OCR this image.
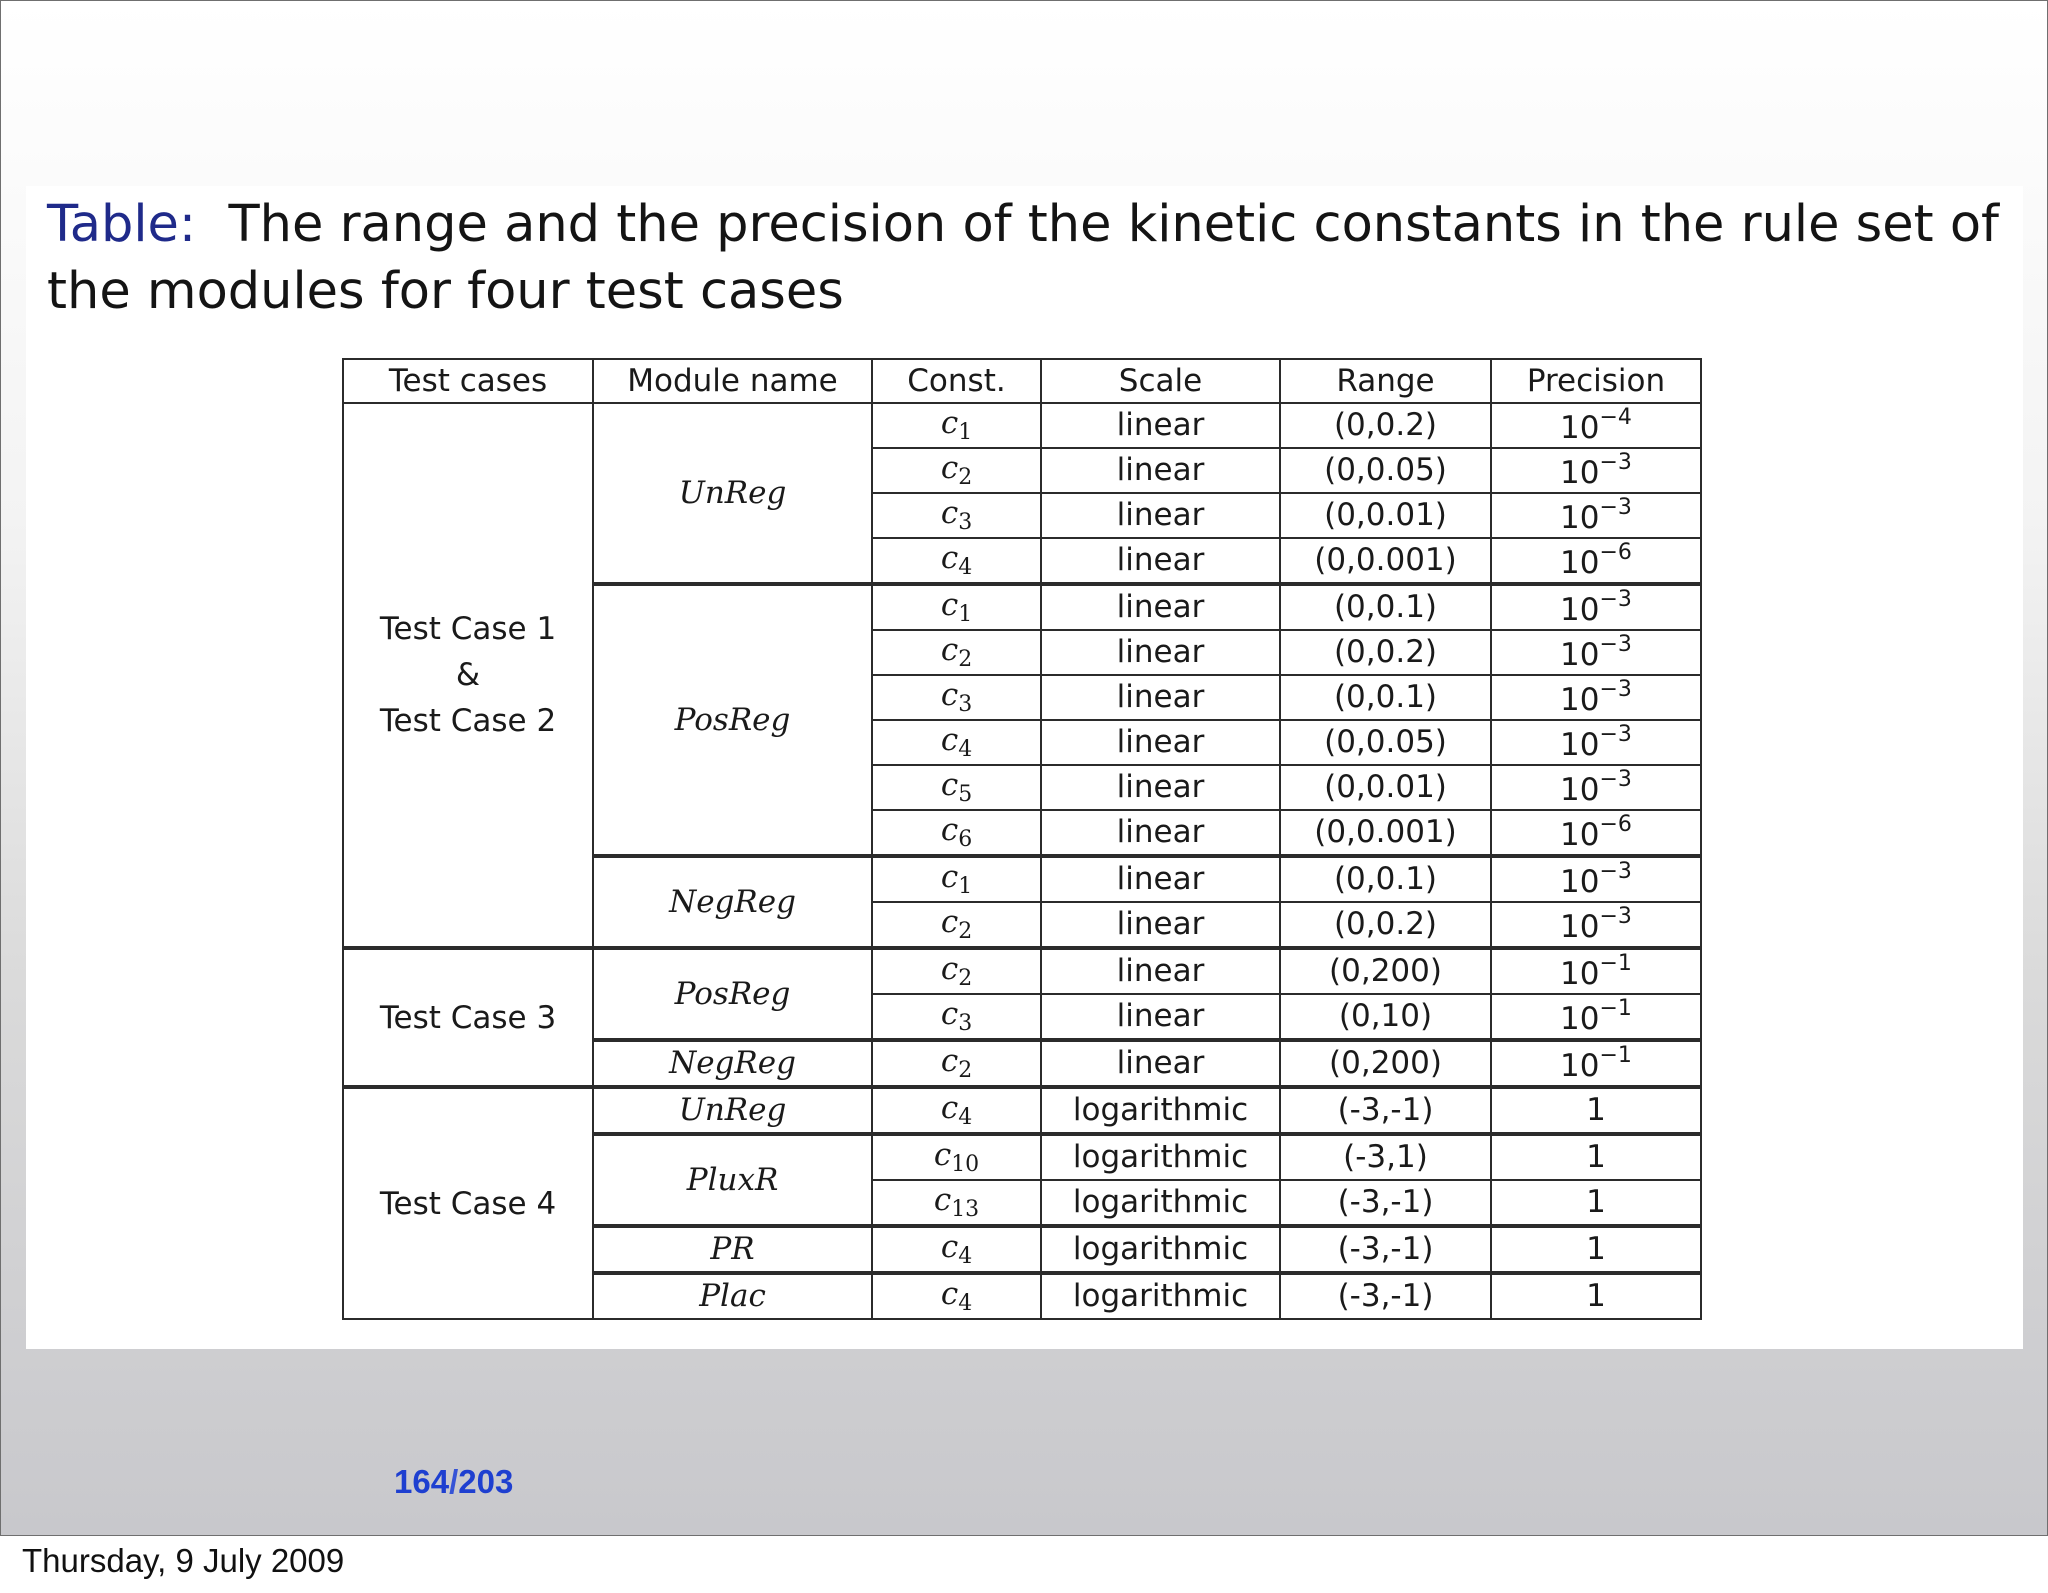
Table: The range and the precision of the kinetic constants in the rule set of the modules for four test cases
Test cases	Module name	Const.	Scale	Range	Precision

Test Case 1
&
Test Case 2	UnReg	$c_1$	linear	(0,0.2)	$10^{-4}$
		$c_2$	linear	(0,0.05)	$10^{-3}$
		$c_3$	linear	(0,0.01)	$10^{-3}$
		$c_4$	linear	(0,0.001)	$10^{-6}$
	PosReg	$c_1$	linear	(0,0.1)	$10^{-3}$
		$c_2$	linear	(0,0.2)	$10^{-3}$
		$c_3$	linear	(0,0.1)	$10^{-3}$
		$c_4$	linear	(0,0.05)	$10^{-3}$
		$c_5$	linear	(0,0.01)	$10^{-3}$
		$c_6$	linear	(0,0.001)	$10^{-6}$
	NegReg	$c_1$	linear	(0,0.1)	$10^{-3}$
		$c_2$	linear	(0,0.2)	$10^{-3}$

Test Case 3	PosReg	$c_2$	linear	(0,200)	$10^{-1}$
		$c_3$	linear	(0,10)	$10^{-1}$
	NegReg	$c_2$	linear	(0,200)	$10^{-1}$

Test Case 4	UnReg	$c_4$	logarithmic	(-3,-1)	1
	PluxR	$c_{10}$	logarithmic	(-3,1)	1
		$c_{13}$	logarithmic	(-3,-1)	1
	PR	$c_4$	logarithmic	(-3,-1)	1
	Plac	$c_4$	logarithmic	(-3,-1)	1
164/203
Thursday, 9 July 2009
